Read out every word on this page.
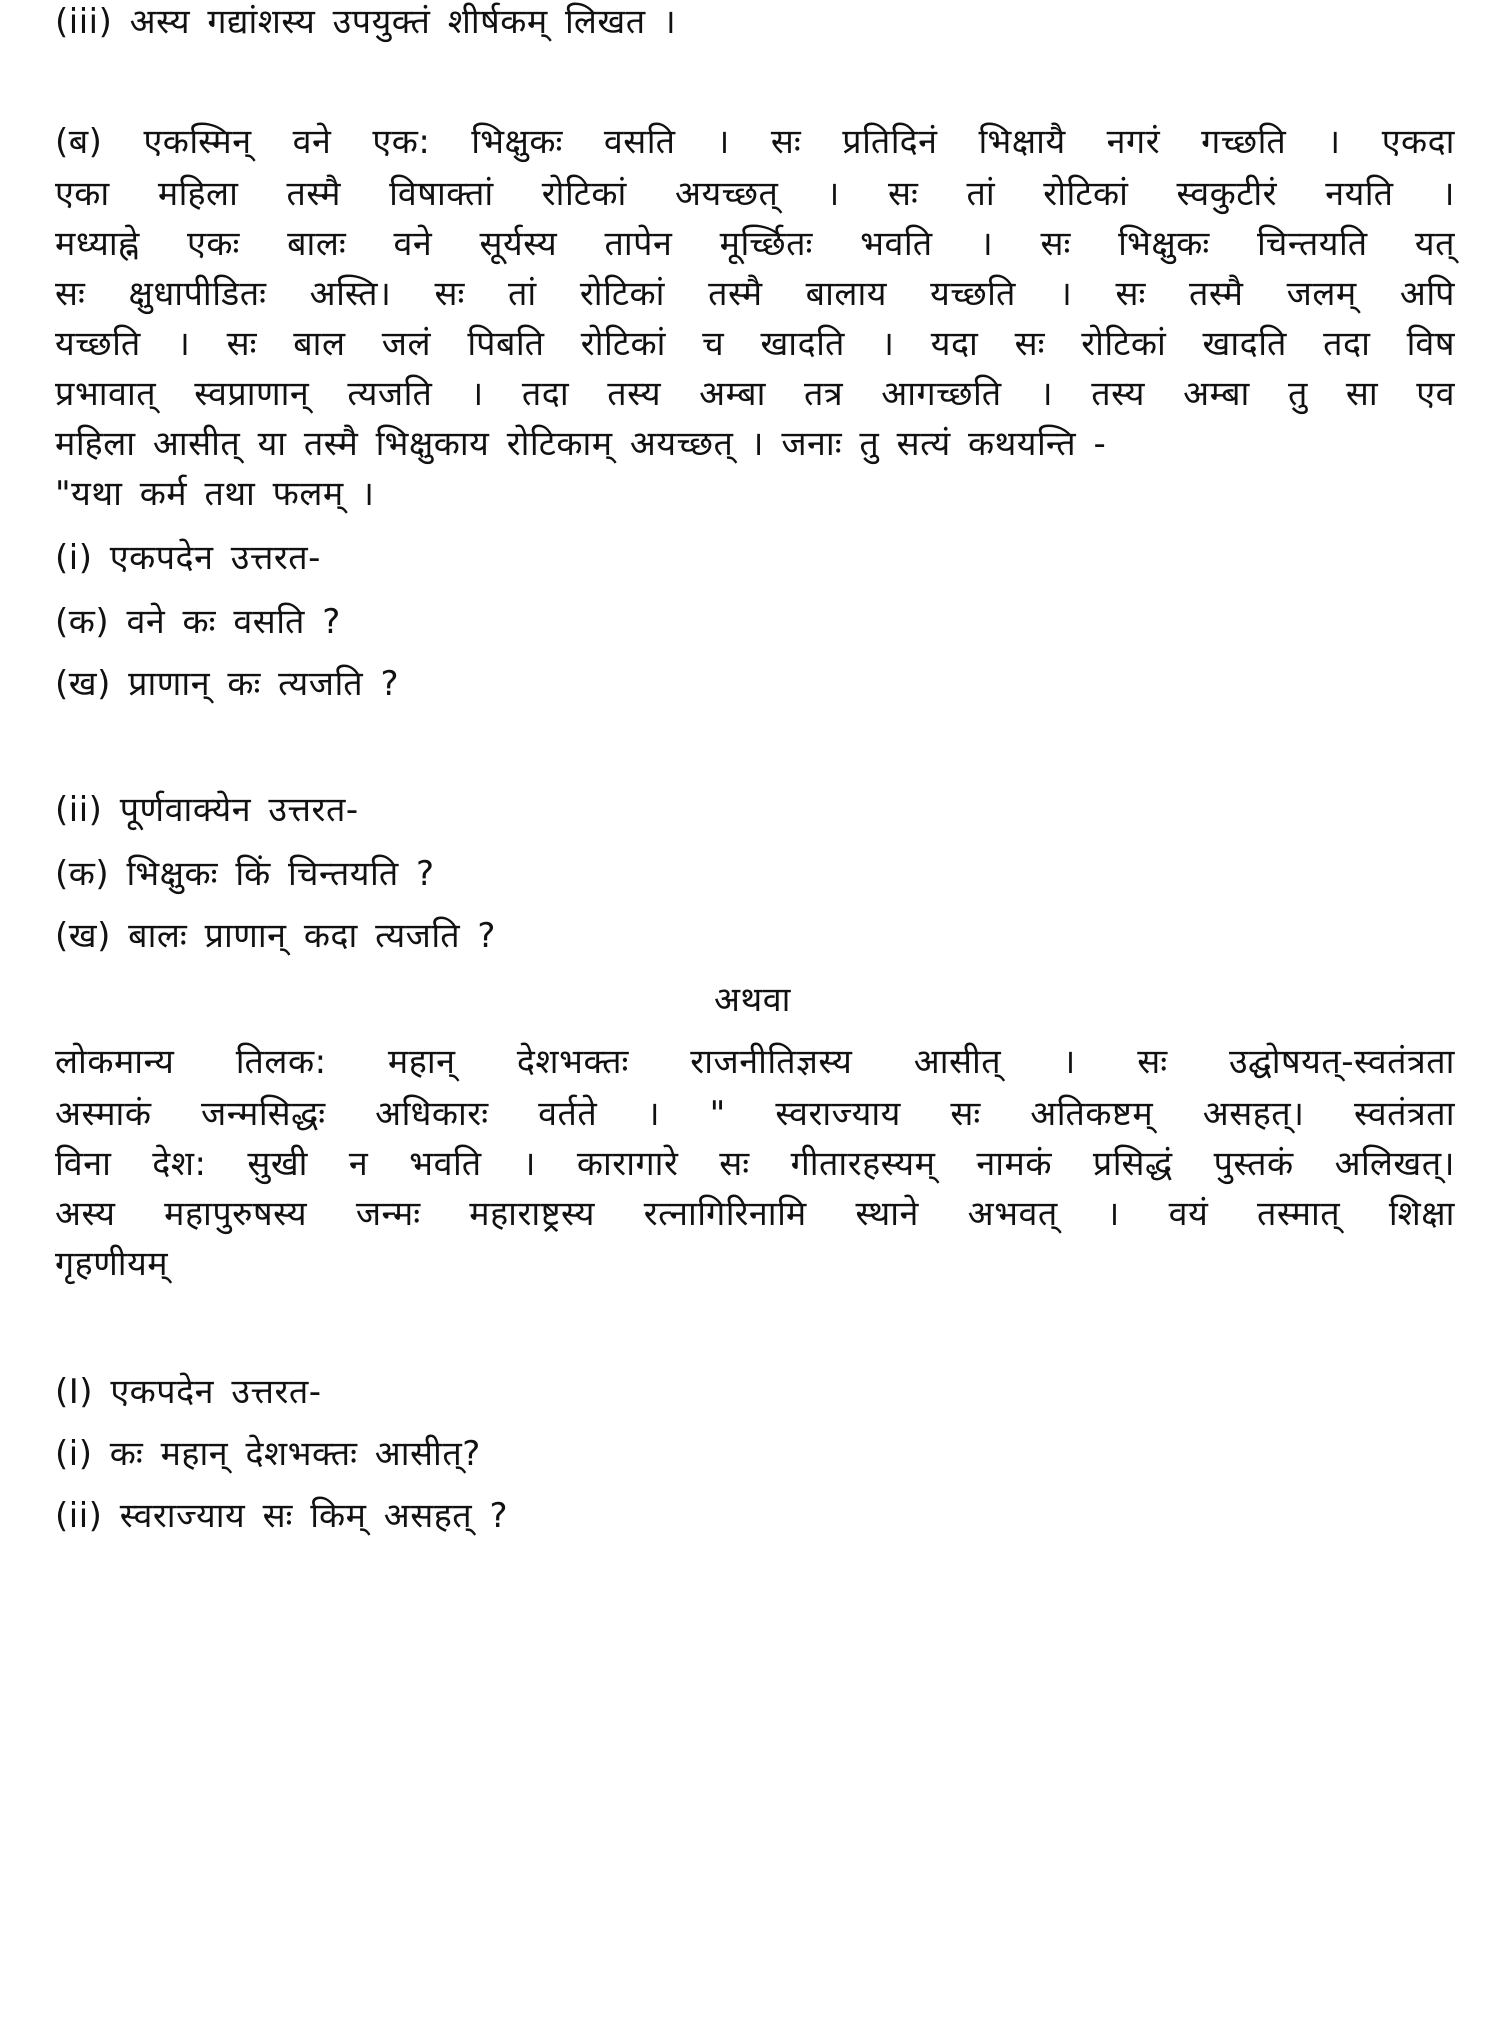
(iii) अस्य गद्यांशस्य उपयुक्तं शीर्षकम् लिखत ।
(ब) एकस्मिन् वने एक: भिक्षुकः वसति । सः प्रतिदिनं भिक्षायै नगरं गच्छति । एकदा
एका महिला तस्मै विषाक्तां रोटिकां अयच्छत् । सः तां रोटिकां स्वकुटीरं नयति ।
मध्याह्ने एकः बालः वने सूर्यस्य तापेन मूर्च्छितः भवति । सः भिक्षुकः चिन्तयति यत्
सः क्षुधापीडितः अस्ति। सः तां रोटिकां तस्मै बालाय यच्छति । सः तस्मै जलम् अपि
यच्छति । सः बाल जलं पिबति रोटिकां च खादति । यदा सः रोटिकां खादति तदा विष
प्रभावात् स्वप्राणान् त्यजति । तदा तस्य अम्बा तत्र आगच्छति । तस्य अम्बा तु सा एव
महिला आसीत् या तस्मै भिक्षुकाय रोटिकाम् अयच्छत् । जनाः तु सत्यं कथयन्ति -
"यथा कर्म तथा फलम् ।
(i) एकपदेन उत्तरत-
(क) वने कः वसति ?
(ख) प्राणान् कः त्यजति ?
(ii) पूर्णवाक्येन उत्तरत-
(क) भिक्षुकः किं चिन्तयति ?
(ख) बालः प्राणान् कदा त्यजति ?
अथवा
लोकमान्य तिलक: महान् देशभक्तः राजनीतिज्ञस्य आसीत् । सः उद्घोषयत्-स्वतंत्रता
अस्माकं जन्मसिद्धः अधिकारः वर्तते । " स्वराज्याय सः अतिकष्टम् असहत्। स्वतंत्रता
विना देश: सुखी न भवति । कारागारे सः गीतारहस्यम् नामकं प्रसिद्धं पुस्तकं अलिखत्।
अस्य महापुरुषस्य जन्मः महाराष्ट्रस्य रत्नागिरिनामि स्थाने अभवत् । वयं तस्मात् शिक्षा
गृहणीयम्
(I) एकपदेन उत्तरत-
(i) कः महान् देशभक्तः आसीत्?
(ii) स्वराज्याय सः किम् असहत् ?
